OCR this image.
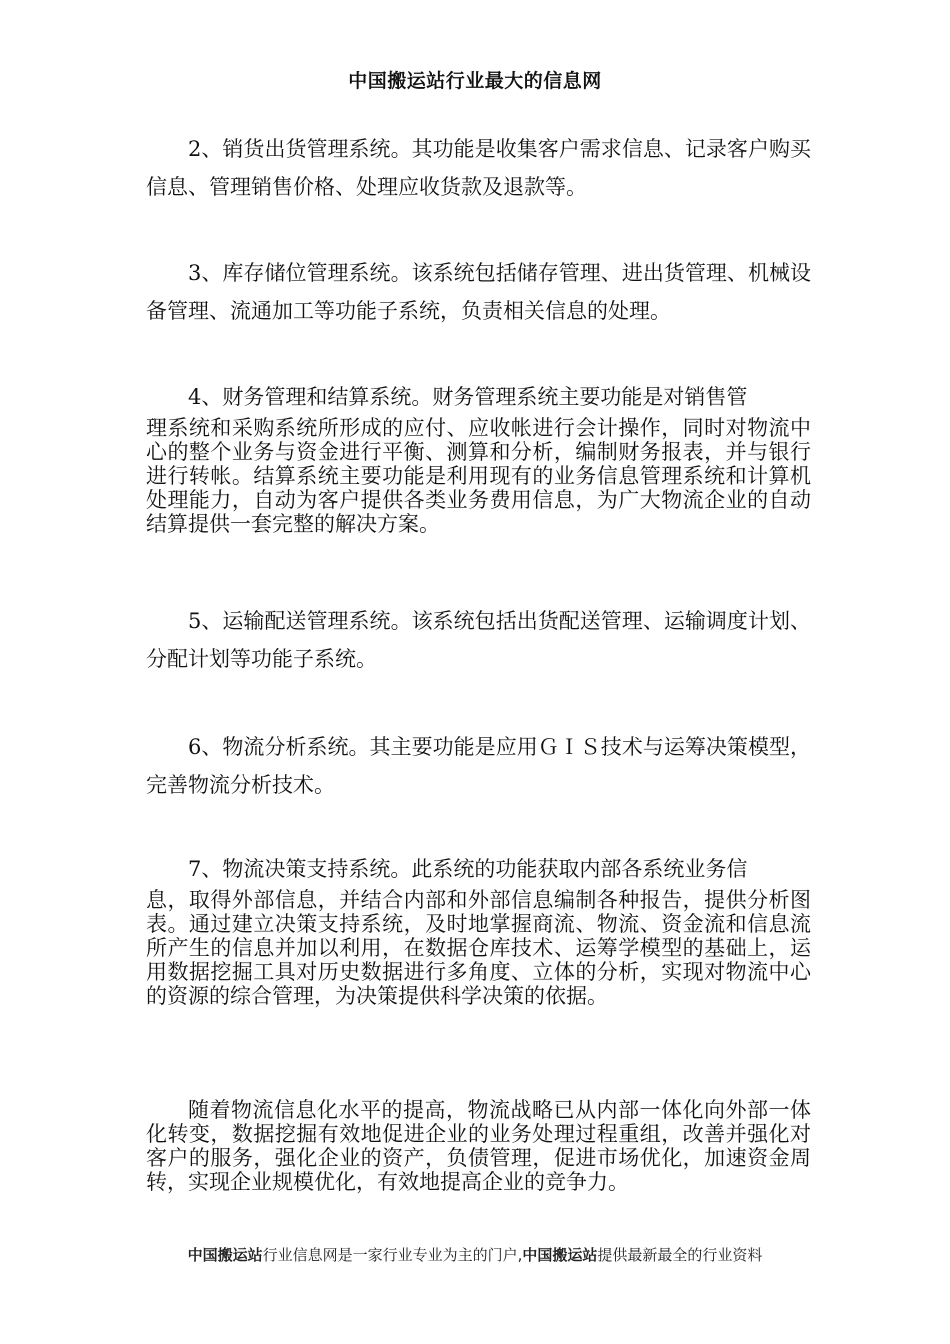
中国搬运站行业最大的信息网

2、销货出货管理系统。其功能是收集客户需求信息、记录客户购买信息、管理销售价格、处理应收货款及退款等。

3、库存储位管理系统。该系统包括储存管理、进出货管理、机械设备管理、流通加工等功能子系统，负责相关信息的处理。

4、财务管理和结算系统。财务管理系统主要功能是对销售管
理系统和采购系统所形成的应付、应收帐进行会计操作，同时对物流中心的整个业务与资金进行平衡、测算和分析，编制财务报表，并与银行进行转帐。结算系统主要功能是利用现有的业务信息管理系统和计算机处理能力，自动为客户提供各类业务费用信息，为广大物流企业的自动结算提供一套完整的解决方案。

5、运输配送管理系统。该系统包括出货配送管理、运输调度计划、分配计划等功能子系统。

6、物流分析系统。其主要功能是应用ＧＩＳ技术与运筹决策模型，完善物流分析技术。

7、物流决策支持系统。此系统的功能获取内部各系统业务信
息，取得外部信息，并结合内部和外部信息编制各种报告，提供分析图表。通过建立决策支持系统，及时地掌握商流、物流、资金流和信息流所产生的信息并加以利用，在数据仓库技术、运筹学模型的基础上，运用数据挖掘工具对历史数据进行多角度、立体的分析，实现对物流中心的资源的综合管理，为决策提供科学决策的依据。

随着物流信息化水平的提高，物流战略已从内部一体化向外部一体化转变，数据挖掘有效地促进企业的业务处理过程重组，改善并强化对客户的服务，强化企业的资产，负债管理，促进市场优化，加速资金周转，实现企业规模优化，有效地提高企业的竞争力。

中国搬运站行业信息网是一家行业专业为主的门户,中国搬运站提供最新最全的行业资料
